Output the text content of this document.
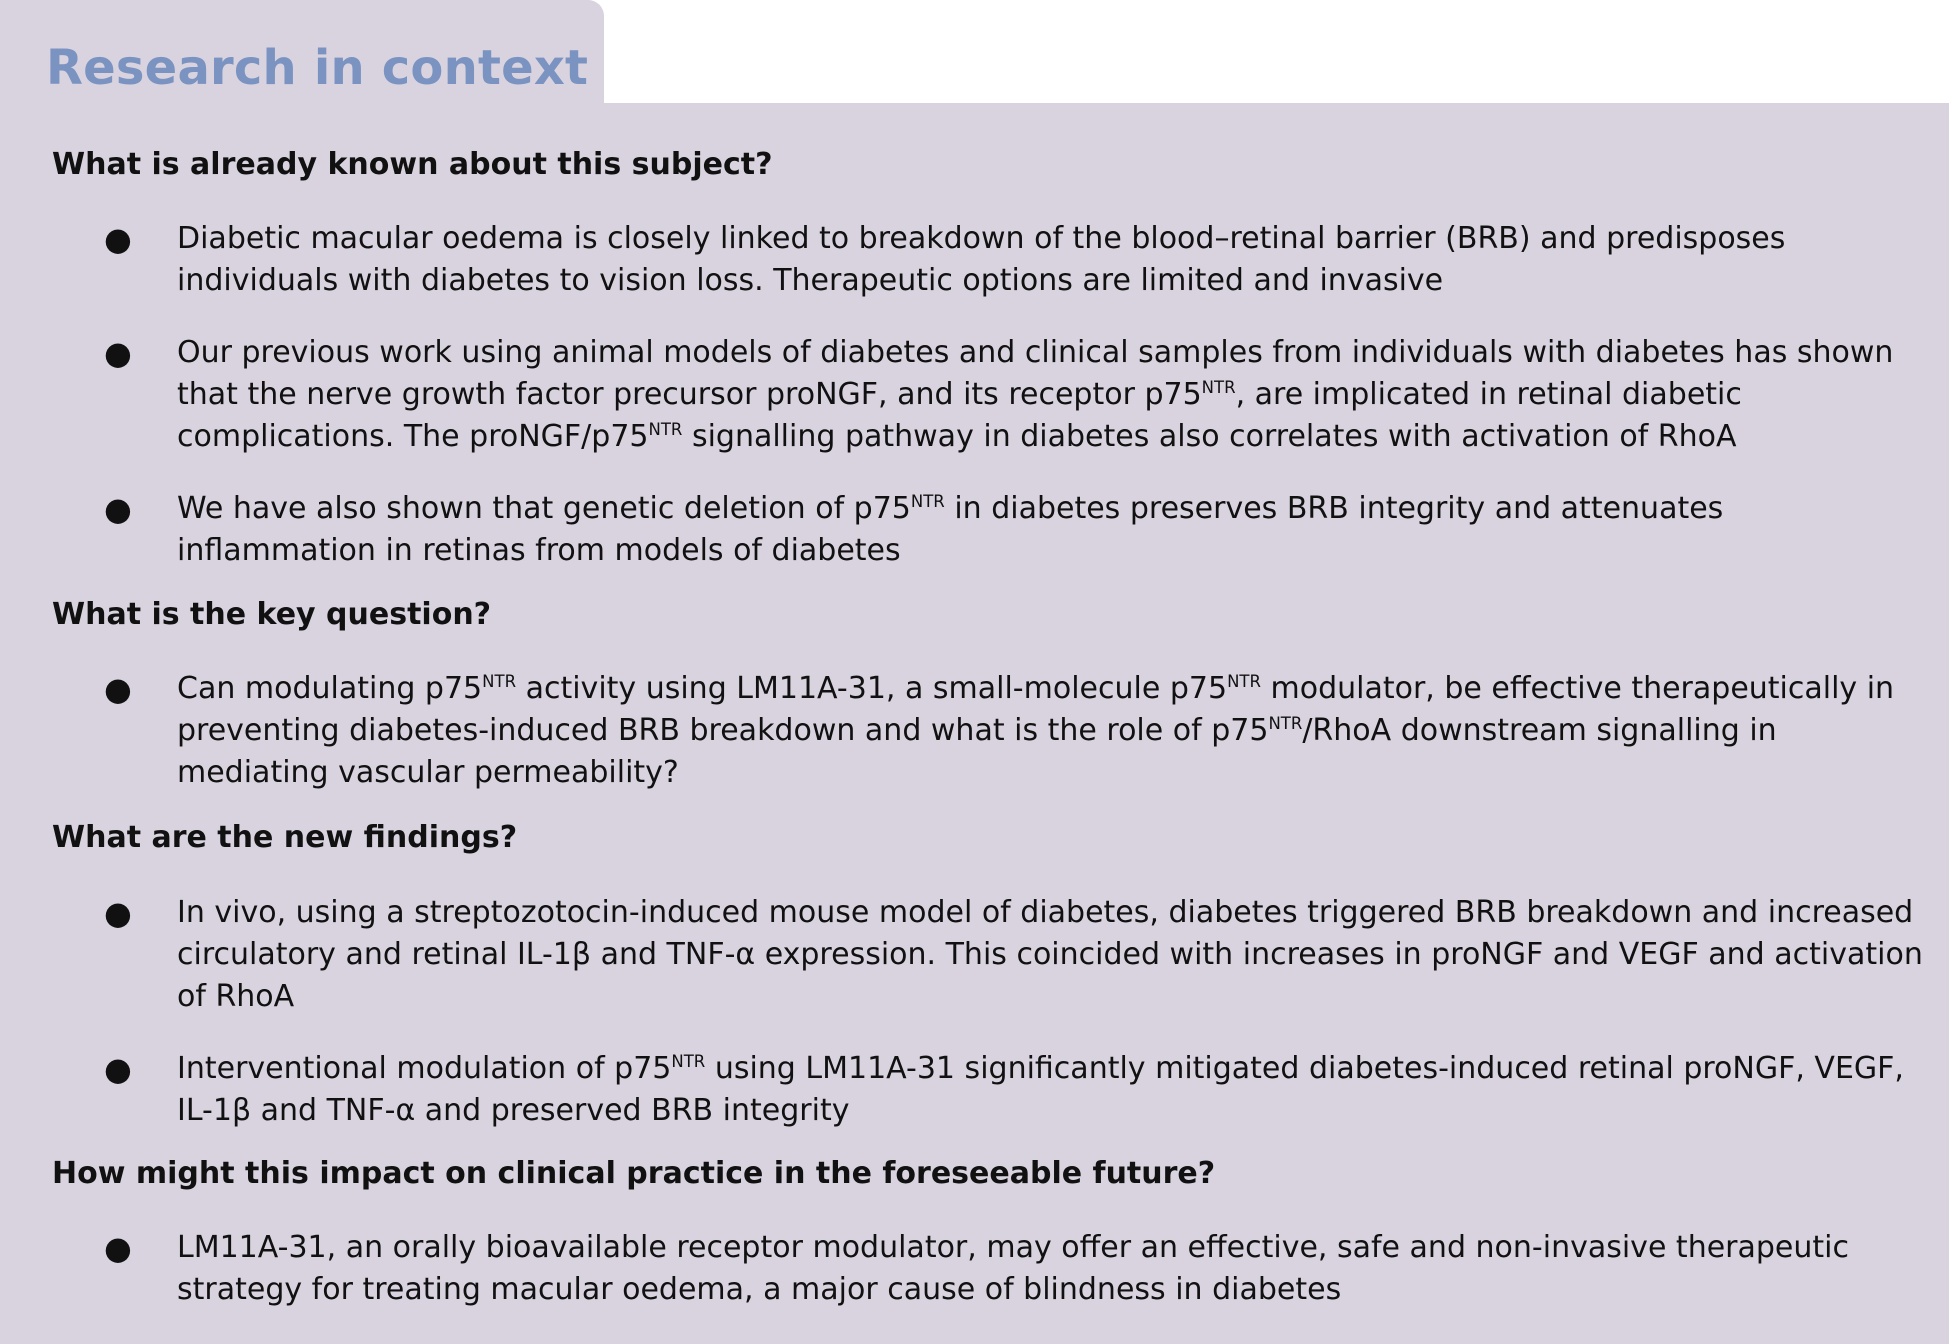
Research in context
What is already known about this subject?
● Diabetic macular oedema is closely linked to breakdown of the blood–retinal barrier (BRB) and predisposes individuals with diabetes to vision loss. Therapeutic options are limited and invasive

● Our previous work using animal models of diabetes and clinical samples from individuals with diabetes has shown that the nerve growth factor precursor proNGF, and its receptor $p75^{NTR}$, are implicated in retinal diabetic complications. The proNGF/$p75^{NTR}$ signalling pathway in diabetes also correlates with activation of RhoA

● We have also shown that genetic deletion of $p75^{NTR}$ in diabetes preserves BRB integrity and attenuates inflammation in retinas from models of diabetes

What is the key question?
● Can modulating $p75^{NTR}$ activity using LM11A-31, a small-molecule $p75^{NTR}$ modulator, be effective therapeutically in preventing diabetes-induced BRB breakdown and what is the role of $p75^{NTR}$/RhoA downstream signalling in mediating vascular permeability?

What are the new findings?
● In vivo, using a streptozotocin-induced mouse model of diabetes, diabetes triggered BRB breakdown and increased circulatory and retinal IL-1β and TNF-α expression. This coincided with increases in proNGF and VEGF and activation of RhoA

● Interventional modulation of $p75^{NTR}$ using LM11A-31 significantly mitigated diabetes-induced retinal proNGF, VEGF, IL-1β and TNF-α and preserved BRB integrity

How might this impact on clinical practice in the foreseeable future?
● LM11A-31, an orally bioavailable receptor modulator, may offer an effective, safe and non-invasive therapeutic strategy for treating macular oedema, a major cause of blindness in diabetes
